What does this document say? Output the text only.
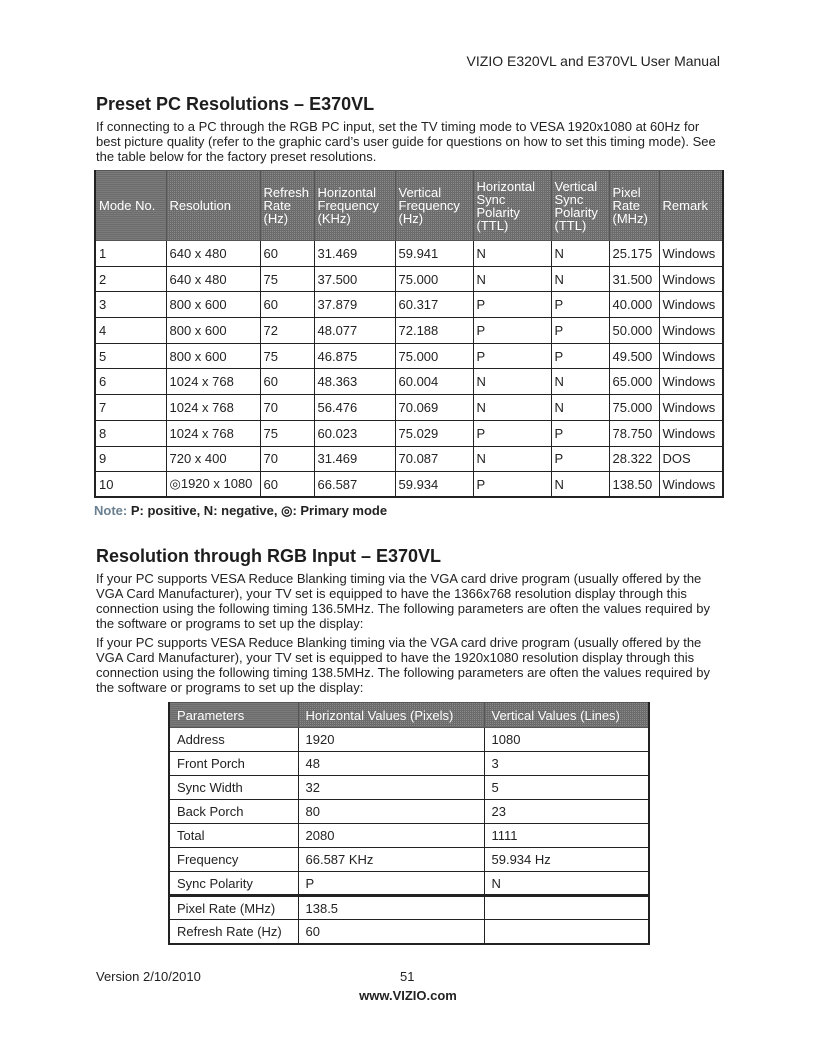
VIZIO E320VL and E370VL User Manual
Preset PC Resolutions – E370VL

If connecting to a PC through the RGB PC input, set the TV timing mode to VESA 1920x1080 at 60Hz for best picture quality (refer to the graphic card’s user guide for questions on how to set this timing mode). See the table below for the factory preset resolutions.

Mode No.	Resolution	Refresh Rate (Hz)	Horizontal Frequency (KHz)	Vertical Frequency (Hz)	Horizontal Sync Polarity (TTL)	Vertical Sync Polarity (TTL)	Pixel Rate (MHz)	Remark
1	640 x 480	60	31.469	59.941	N	N	25.175	Windows
2	640 x 480	75	37.500	75.000	N	N	31.500	Windows
3	800 x 600	60	37.879	60.317	P	P	40.000	Windows
4	800 x 600	72	48.077	72.188	P	P	50.000	Windows
5	800 x 600	75	46.875	75.000	P	P	49.500	Windows
6	1024 x 768	60	48.363	60.004	N	N	65.000	Windows
7	1024 x 768	70	56.476	70.069	N	N	75.000	Windows
8	1024 x 768	75	60.023	75.029	P	P	78.750	Windows
9	720 x 400	70	31.469	70.087	N	P	28.322	DOS
10	◎1920 x 1080	60	66.587	59.934	P	N	138.50	Windows
Note: P: positive, N: negative, ◎: Primary mode
Resolution through RGB Input – E370VL

If your PC supports VESA Reduce Blanking timing via the VGA card drive program (usually offered by the VGA Card Manufacturer), your TV set is equipped to have the 1366x768 resolution display through this connection using the following timing 136.5MHz. The following parameters are often the values required by the software or programs to set up the display:

If your PC supports VESA Reduce Blanking timing via the VGA card drive program (usually offered by the VGA Card Manufacturer), your TV set is equipped to have the 1920x1080 resolution display through this connection using the following timing 138.5MHz. The following parameters are often the values required by the software or programs to set up the display:

Parameters	Horizontal Values (Pixels)	Vertical Values (Lines)
Address	1920	1080
Front Porch	48	3
Sync Width	32	5
Back Porch	80	23
Total	2080	1111
Frequency	66.587 KHz	59.934 Hz
Sync Polarity	P	N
Pixel Rate (MHz)	138.5	
Refresh Rate (Hz)	60	
Version 2/10/2010	51
www.VIZIO.com
